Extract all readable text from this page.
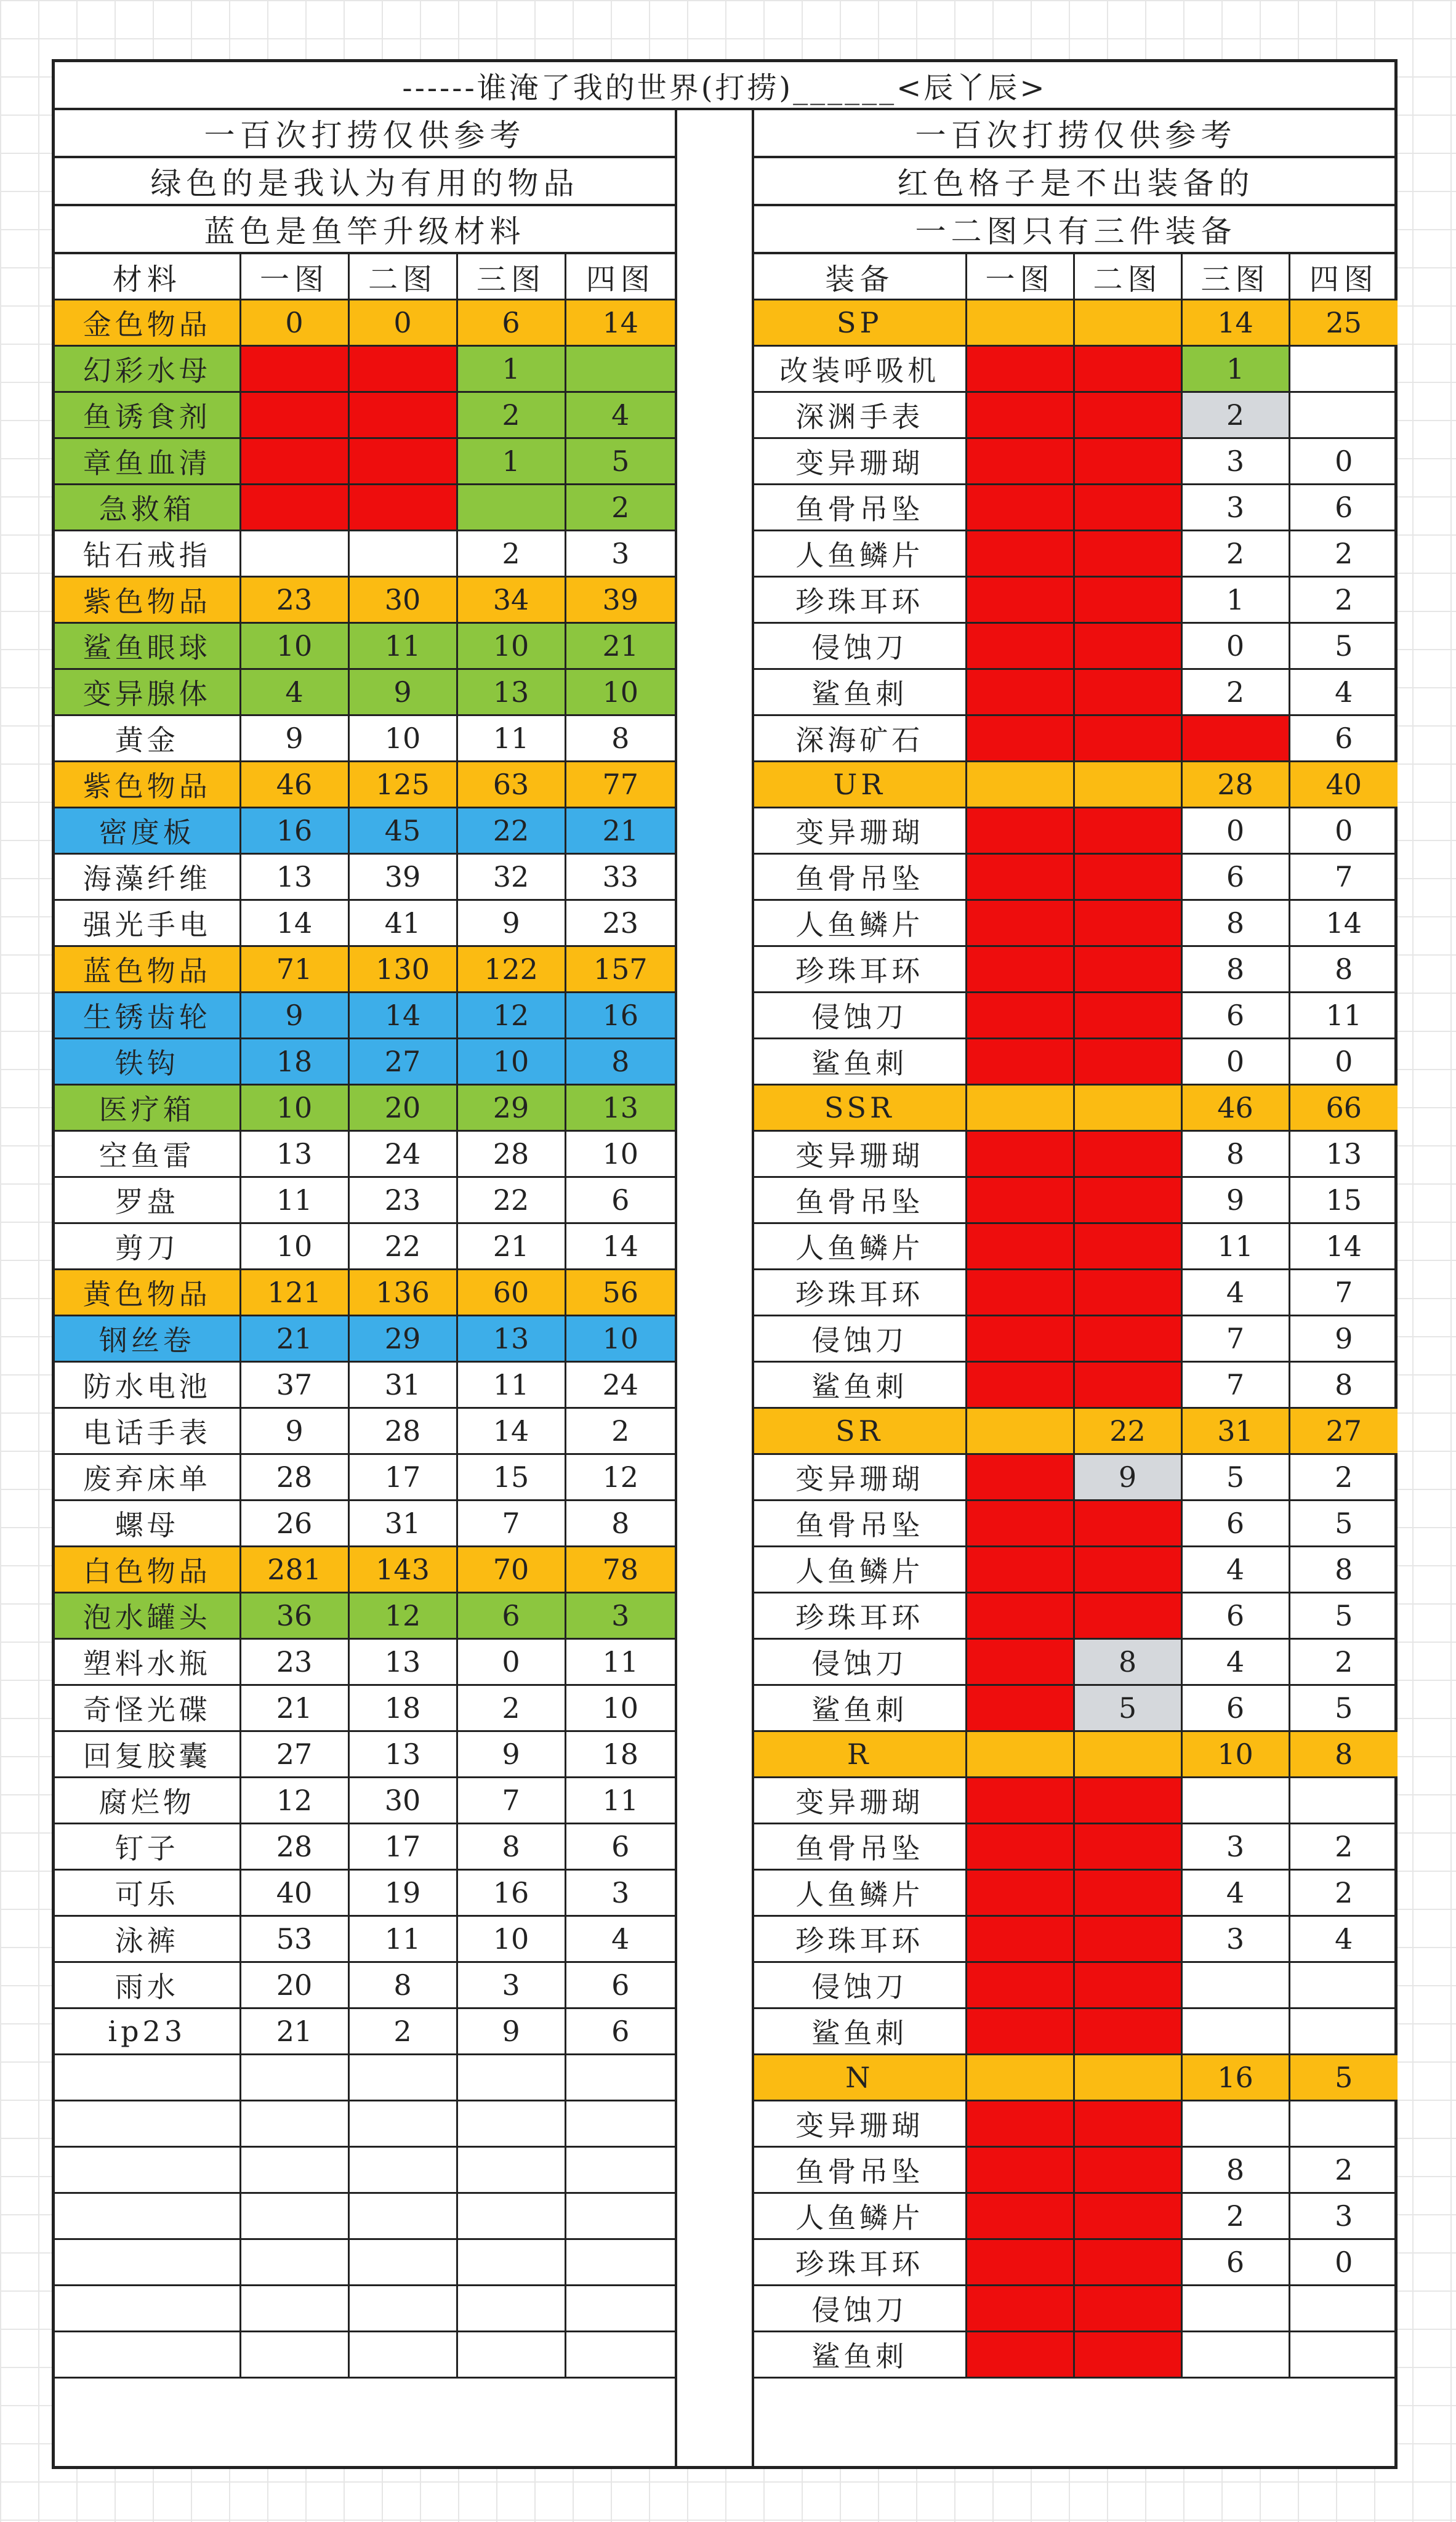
------谁淹了我的世界(打捞)______<辰丫辰>
一百次打捞仅供参考
绿色的是我认为有用的物品
蓝色是鱼竿升级材料
材料	一图	二图	三图	四图
金色物品	0	0	6	14
幻彩水母			1	
鱼诱食剂			2	4
章鱼血清			1	5
急救箱				2
钻石戒指			2	3
紫色物品	23	30	34	39
鲨鱼眼球	10	11	10	21
变异腺体	4	9	13	10
黄金	9	10	11	8
紫色物品	46	125	63	77
密度板	16	45	22	21
海藻纤维	13	39	32	33
强光手电	14	41	9	23
蓝色物品	71	130	122	157
生锈齿轮	9	14	12	16
铁钩	18	27	10	8
医疗箱	10	20	29	13
空鱼雷	13	24	28	10
罗盘	11	23	22	6
剪刀	10	22	21	14
黄色物品	121	136	60	56
钢丝卷	21	29	13	10
防水电池	37	31	11	24
电话手表	9	28	14	2
废弃床单	28	17	15	12
螺母	26	31	7	8
白色物品	281	143	70	78
泡水罐头	36	12	6	3
塑料水瓶	23	13	0	11
奇怪光碟	21	18	2	10
回复胶囊	27	13	9	18
腐烂物	12	30	7	11
钉子	28	17	8	6
可乐	40	19	16	3
泳裤	53	11	10	4
雨水	20	8	3	6
ip23	21	2	9	6

一百次打捞仅供参考
红色格子是不出装备的
一二图只有三件装备
装备	一图	二图	三图	四图
SP			14	25
改装呼吸机			1	
深渊手表			2	
变异珊瑚			3	0
鱼骨吊坠			3	6
人鱼鳞片			2	2
珍珠耳环			1	2
侵蚀刀			0	5
鲨鱼刺			2	4
深海矿石				6
UR			28	40
变异珊瑚			0	0
鱼骨吊坠			6	7
人鱼鳞片			8	14
珍珠耳环			8	8
侵蚀刀			6	11
鲨鱼刺			0	0
SSR			46	66
变异珊瑚			8	13
鱼骨吊坠			9	15
人鱼鳞片			11	14
珍珠耳环			4	7
侵蚀刀			7	9
鲨鱼刺			7	8
SR		22	31	27
变异珊瑚		9	5	2
鱼骨吊坠			6	5
人鱼鳞片			4	8
珍珠耳环			6	5
侵蚀刀		8	4	2
鲨鱼刺		5	6	5
R			10	8
变异珊瑚				
鱼骨吊坠			3	2
人鱼鳞片			4	2
珍珠耳环			3	4
侵蚀刀				
鲨鱼刺				
N			16	5
变异珊瑚				
鱼骨吊坠			8	2
人鱼鳞片			2	3
珍珠耳环			6	0
侵蚀刀				
鲨鱼刺				
